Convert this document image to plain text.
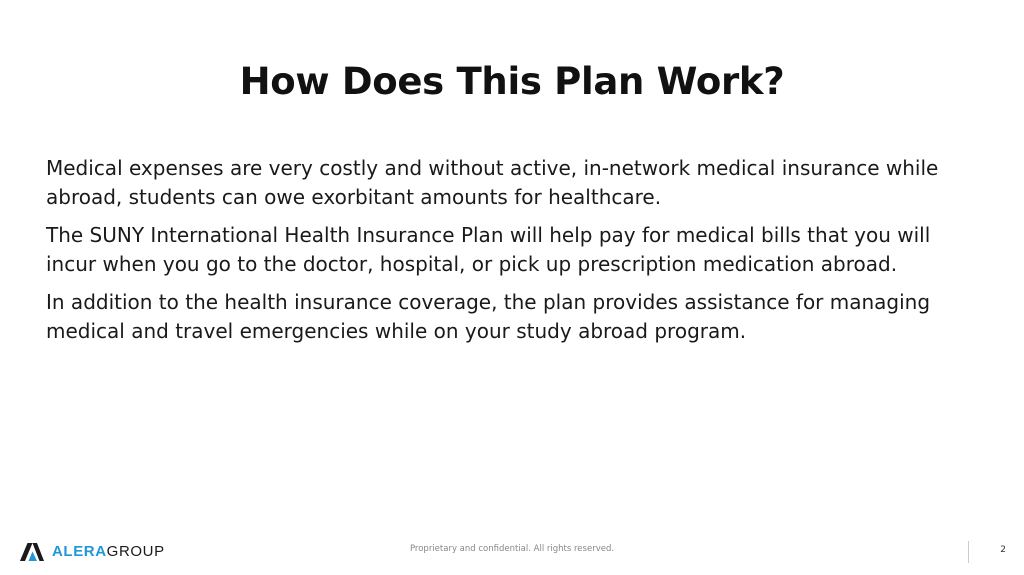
How Does This Plan Work?

Medical expenses are very costly and without active, in-network medical insurance while abroad, students can owe exorbitant amounts for healthcare.

The SUNY International Health Insurance Plan will help pay for medical bills that you will incur when you go to the doctor, hospital, or pick up prescription medication abroad.

In addition to the health insurance coverage, the plan provides assistance for managing medical and travel emergencies while on your study abroad program.

ALERAGROUP	Proprietary and confidential. All rights reserved.	2
